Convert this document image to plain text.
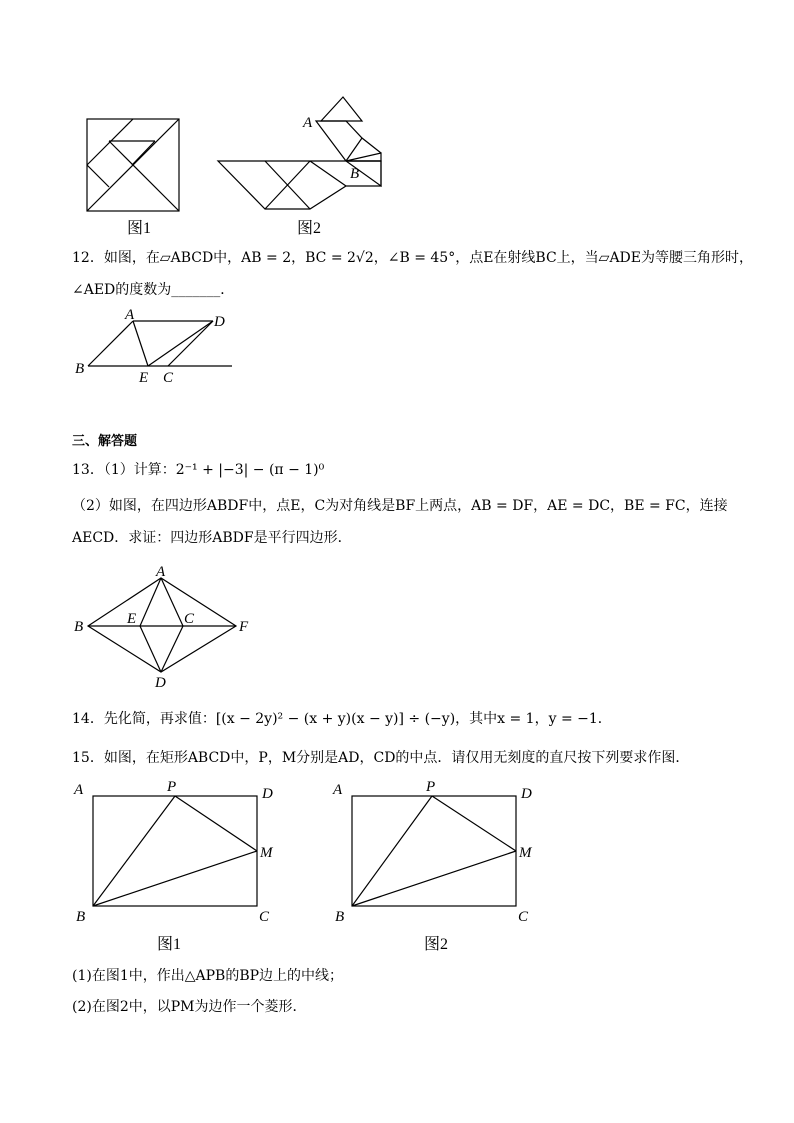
图1
A
B
图2
12．如图，在▱ABCD中，AB = 2，BC = 2√2，∠B = 45°，点E在射线BC上，当▱ADE为等腰三角形时，
∠AED的度数为_______．
A	D
B
E C
三、解答题
13．（1）计算：2⁻¹ + |−3| − (π − 1)⁰
（2）如图，在四边形ABDF中，点E，C为对角线是BF上两点，AB = DF，AE = DC，BE = FC，连接
AECD．求证：四边形ABDF是平行四边形．
A
B	E	C	F
D
14．先化简，再求值：[(x − 2y)² − (x + y)(x − y)] ÷ (−y)，其中x = 1，y = −1．
15．如图，在矩形ABCD中，P，M分别是AD，CD的中点．请仅用无刻度的直尺按下列要求作图．
A	P	D
M
B	C
图1
A	P	D
M
B	C
图2
(1)在图1中，作出△APB的BP边上的中线；
(2)在图2中，以PM为边作一个菱形．
